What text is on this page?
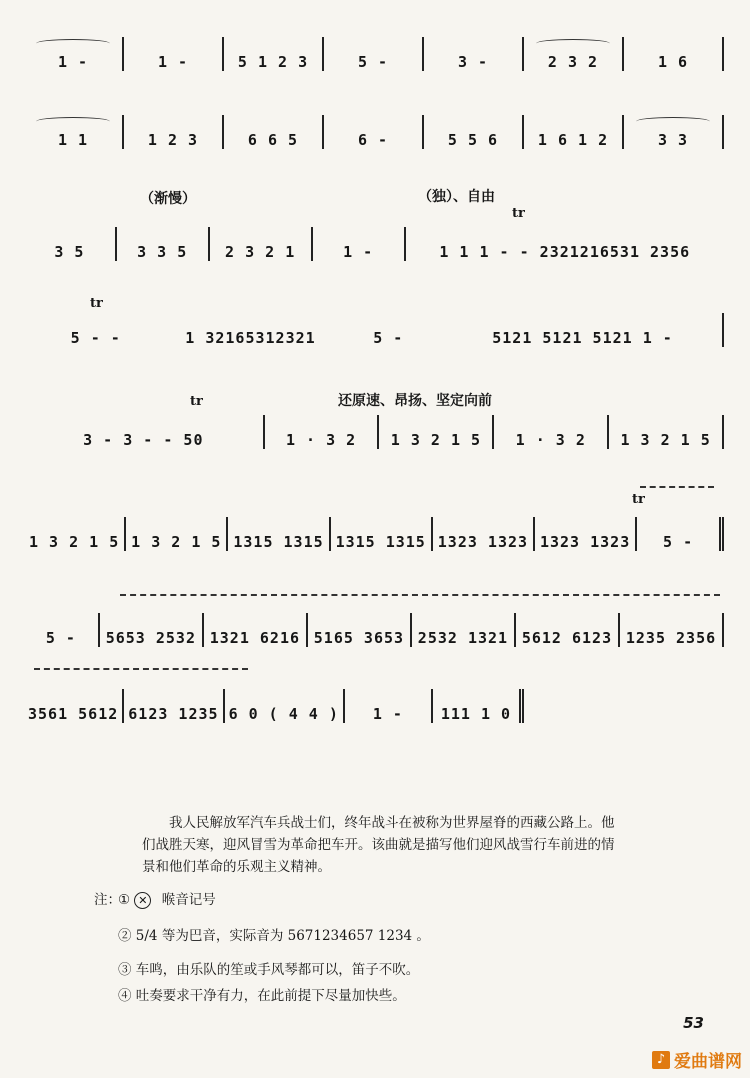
1 -	1 -	5 1 2 3	5 -	3 -	2 3 2	1 6
1 1	1 2 3	6 6 5	6 -	5 5 6	1 6 1 2	3 3
（渐慢）	（独）、自由
tr
3 5	3 3 5	2 3 2 1	1 -	1 1 1 - - 2321216531 2356
tr
5 - -	1 32165312321	5 -	5121 5121 5121 1 -
tr	还原速、昂扬、坚定向前
3 - 3 - - 50	1 · 3 2 1 3 2 1 5 1 · 3 2 1 3 2 1 5
tr
1 3 2 1 5 1 3 2 1 5 1315 1315 1315 1315 1323 1323 1323 1323 5 -
5 - 5653 2532 1321 6216 5165 3653 2532 1321 5612 6123 1235 2356
3561 5612 6123 1235 6 0 ( 4 4 ) 1 -	111 1 0
我人民解放军汽车兵战士们，终年战斗在被称为世界屋脊的西藏公路上。他们战胜天寒，迎风冒雪为革命把车开。该曲就是描写他们迎风战雪行车前进的情景和他们革命的乐观主义精神。
注：
① ✕ 喉音记号
② 5/4 等为巴音，实际音为 5671234657 1234 。
③ 车鸣，由乐队的笙或手风琴都可以，笛子不吹。
④ 吐奏要求干净有力，在此前提下尽量加快些。
53
♪ 爱曲谱网
